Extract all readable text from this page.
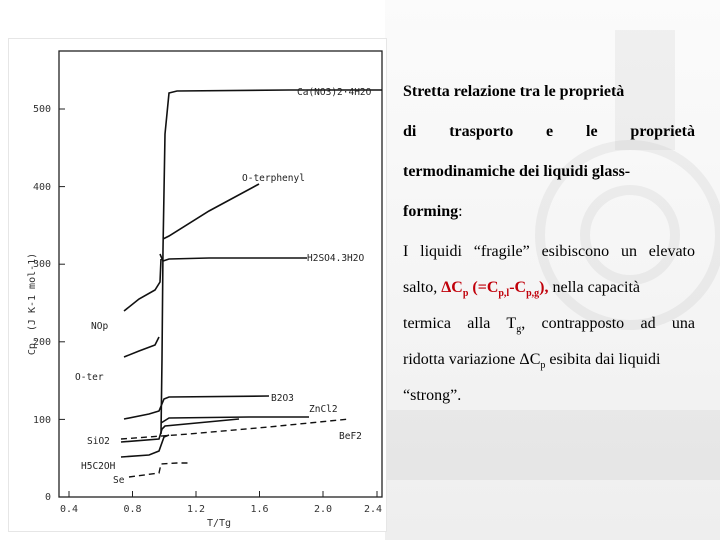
0
100
200
300
400
500
0.4	0.8	1.2	1.6	2.0	2.4
T/Tg
Cp, (J K-1 mol-1)
Ca(NO3)2·4H2O
O-terphenyl
H2SO4.3H2O
NOp
O-ter
B2O3
ZnCl2
SiO2	BeF2
H5C2OH
Se

Stretta relazione tra le proprietà
di trasporto e le proprietà
termodinamiche dei liquidi glass-
forming:

I liquidi “fragile” esibiscono un elevato
salto, $\Delta C_p$ $(=C_{p,l}-C_{p,g})$, nella capacità
termica alla $T_g$, contrapposto ad una
ridotta variazione $\Delta C_p$ esibita dai liquidi
“strong”.
